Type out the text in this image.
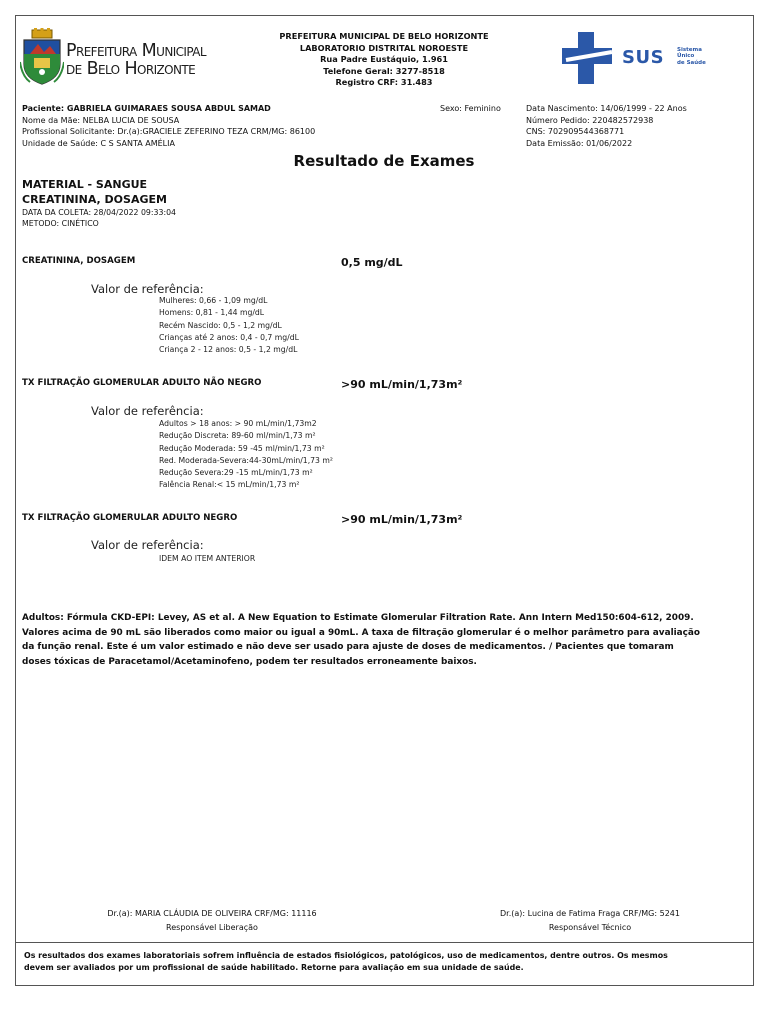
Prefeitura Municipal
de Belo Horizonte
PREFEITURA MUNICIPAL DE BELO HORIZONTE
LABORATORIO DISTRITAL NOROESTE
Rua Padre Eustáquio, 1.961
Telefone Geral: 3277-8518
Registro CRF: 31.483
SUS Sistema
Único
de Saúde
Paciente: GABRIELA GUIMARAES SOUSA ABDUL SAMAD
Nome da Mãe: NELBA LUCIA DE SOUSA
Profissional Solicitante: Dr.(a):GRACIELE ZEFERINO TEZA CRM/MG: 86100
Unidade de Saúde: C S SANTA AMÉLIA
Sexo: Feminino	Data Nascimento: 14/06/1999 - 22 Anos
Número Pedido: 220482572938
CNS: 702909544368771
Data Emissão: 01/06/2022
Resultado de Exames
MATERIAL - SANGUE
CREATININA, DOSAGEM
DATA DA COLETA: 28/04/2022 09:33:04
METODO: CINÉTICO
CREATININA, DOSAGEM	0,5 mg/dL
Valor de referência:
Mulheres: 0,66 - 1,09 mg/dL
Homens: 0,81 - 1,44 mg/dL
Recém Nascido: 0,5 - 1,2 mg/dL
Crianças até 2 anos: 0,4 - 0,7 mg/dL
Criança 2 - 12 anos: 0,5 - 1,2 mg/dL
TX FILTRAÇÃO GLOMERULAR ADULTO NÃO NEGRO	>90 mL/min/1,73m²
Valor de referência:
Adultos > 18 anos: > 90 mL/min/1,73m2
Redução Discreta: 89-60 ml/min/1,73 m²
Redução Moderada: 59 -45 ml/min/1,73 m²
Red. Moderada-Severa:44-30mL/min/1,73 m²
Redução Severa:29 -15 mL/min/1,73 m²
Falência Renal:< 15 mL/min/1,73 m²
TX FILTRAÇÃO GLOMERULAR ADULTO NEGRO	>90 mL/min/1,73m²
Valor de referência:
IDEM AO ITEM ANTERIOR
Adultos: Fórmula CKD-EPI: Levey, AS et al. A New Equation to Estimate Glomerular Filtration Rate. Ann Intern Med150:604-612, 2009.
Valores acima de 90 mL são liberados como maior ou igual a 90mL. A taxa de filtração glomerular é o melhor parâmetro para avaliação
da função renal. Este é um valor estimado e não deve ser usado para ajuste de doses de medicamentos. / Pacientes que tomaram
doses tóxicas de Paracetamol/Acetaminofeno, podem ter resultados erroneamente baixos.
Dr.(a): MARIA CLÁUDIA DE OLIVEIRA CRF/MG: 11116
Responsável Liberação
Dr.(a): Lucina de Fatima Fraga CRF/MG: 5241
Responsável Técnico
Os resultados dos exames laboratoriais sofrem influência de estados fisiológicos, patológicos, uso de medicamentos, dentre outros. Os mesmos
devem ser avaliados por um profissional de saúde habilitado. Retorne para avaliação em sua unidade de saúde.
